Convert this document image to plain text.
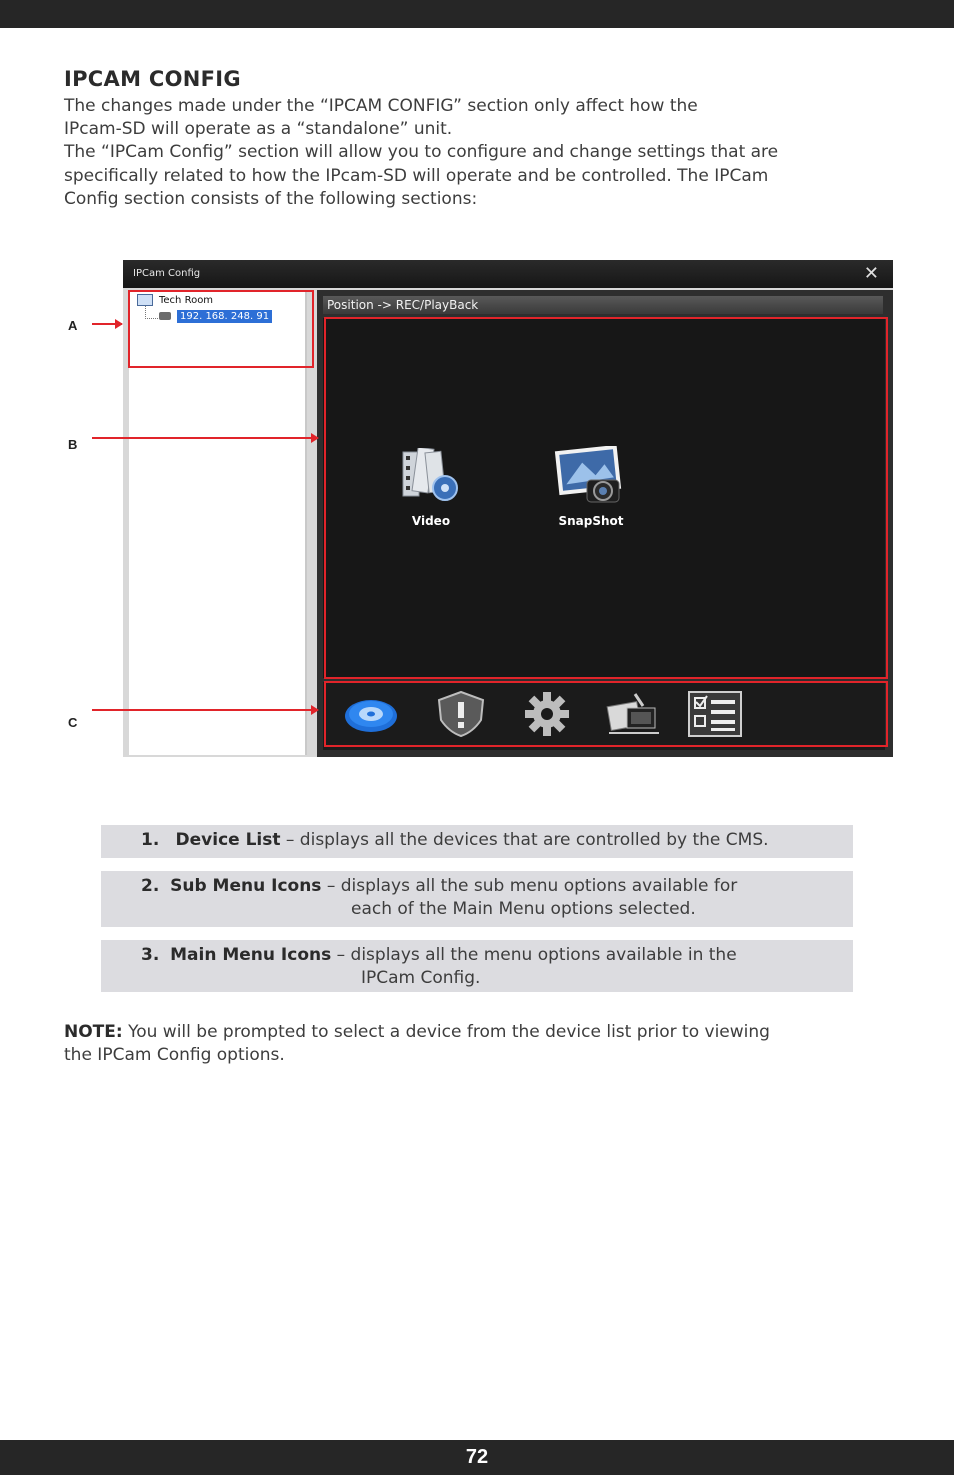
IPCAM CONFIG

The changes made under the “IPCAM CONFIG” section only affect how the

IPcam-SD will operate as a “standalone” unit.

The “IPCam Config” section will allow you to configure and change settings that are

specifically related to how the IPcam-SD will operate and be controlled. The IPCam

Config section consists of the following sections:

IPCam Config	✕
Tech Room
192. 168. 248. 91
Position -> REC/PlayBack
Video	SnapShot
A
B
C
1. Device List – displays all the devices that are controlled by the CMS.
2. Sub Menu Icons – displays all the sub menu options available for
each of the Main Menu options selected.
3. Main Menu Icons – displays all the menu options available in the
IPCam Config.
NOTE: You will be prompted to select a device from the device list prior to viewing
the IPCam Config options.
72
